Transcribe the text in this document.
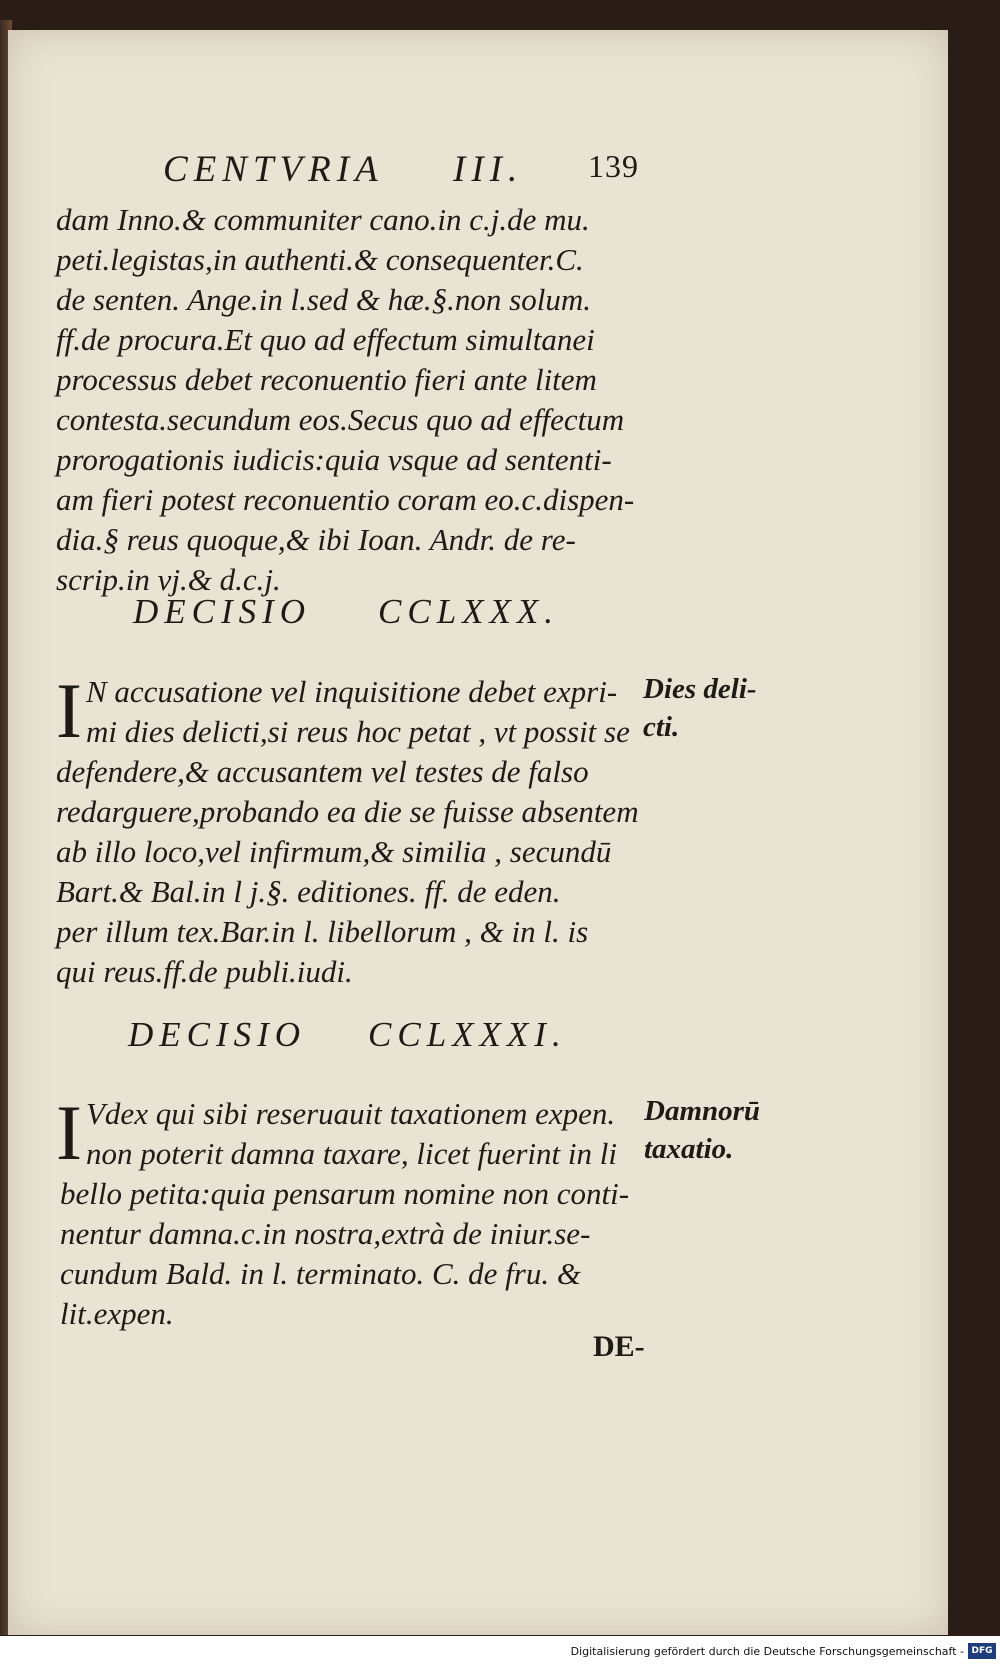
CENTVRIA III. 139
dam Inno.& communiter cano.in c.j.de mu.
peti.legistas,in authenti.& consequenter.C.
de senten. Ange.in l.sed & hæ.§.non solum.
ff.de procura.Et quo ad effectum simultanei
processus debet reconuentio fieri ante litem
contesta.secundum eos.Secus quo ad effectum
prorogationis iudicis:quia vsque ad sententi-
am fieri potest reconuentio coram eo.c.dispen-
dia.§ reus quoque,& ibi Ioan. Andr. de re-
scrip.in vj.& d.c.j.
DECISIO CCLXXX.
I N accusatione vel inquisitione debet expri-
mi dies delicti,si reus hoc petat , vt possit se
defendere,& accusantem vel testes de falso
redarguere,probando ea die se fuisse absentem
ab illo loco,vel infirmum,& similia , secundū
Bart.& Bal.in l j.§. editiones. ff. de eden.
per illum tex.Bar.in l. libellorum , & in l. is
qui reus.ff.de publi.iudi.
Dies deli-
cti.
DECISIO CCLXXXI.
I Vdex qui sibi reseruauit taxationem expen.
non poterit damna taxare, licet fuerint in li
bello petita:quia pensarum nomine non conti-
nentur damna.c.in nostra,extrà de iniur.se-
cundum Bald. in l. terminato. C. de fru. &
lit.expen.
Damnorū
taxatio.
DE-
Digitalisierung gefördert durch die Deutsche Forschungsgemeinschaft - DFG
